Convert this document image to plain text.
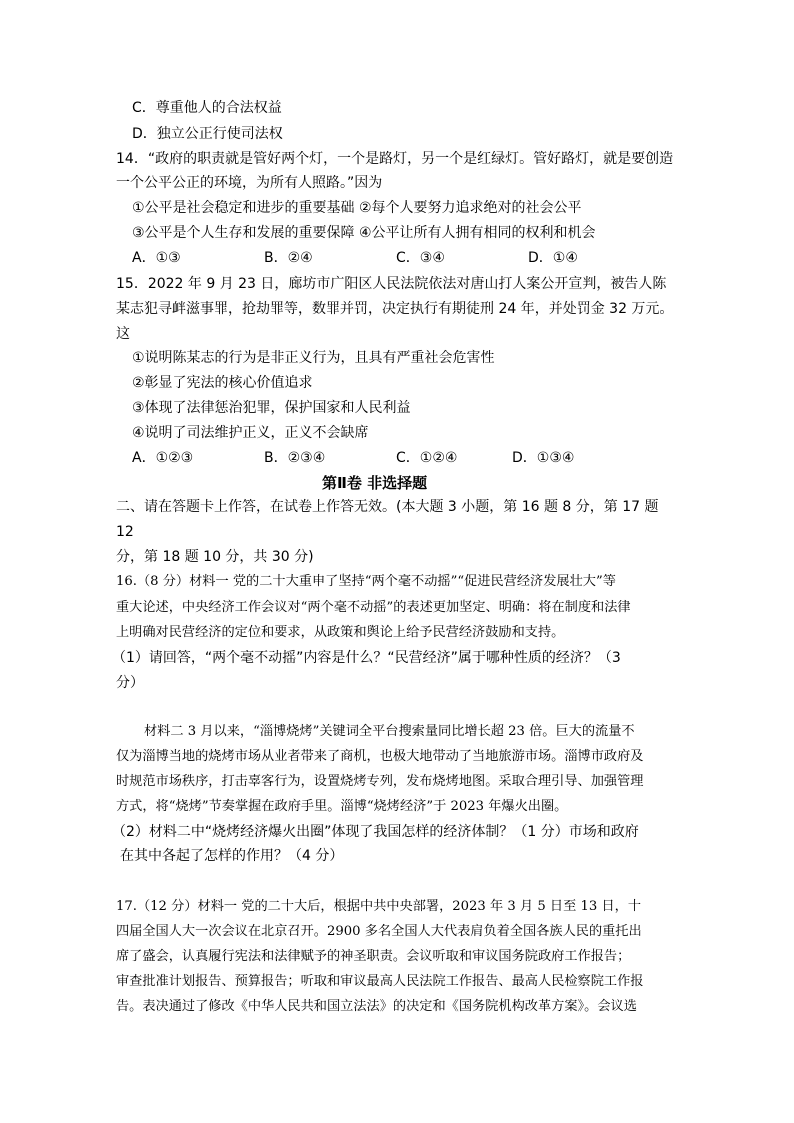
C．尊重他人的合法权益
D．独立公正行使司法权
14．“政府的职责就是管好两个灯，一个是路灯，另一个是红绿灯。管好路灯，就是要创造
一个公平公正的环境，为所有人照路。”因为
①公平是社会稳定和进步的重要基础 ②每个人要努力追求绝对的社会公平
③公平是个人生存和发展的重要保障 ④公平让所有人拥有相同的权利和机会
A．①③	B．②④	C．③④	D．①④
15．2022 年 9 月 23 日，廊坊市广阳区人民法院依法对唐山打人案公开宣判，被告人陈
某志犯寻衅滋事罪，抢劫罪等，数罪并罚，决定执行有期徒刑 24 年，并处罚金 32 万元。
这
①说明陈某志的行为是非正义行为，且具有严重社会危害性
②彰显了宪法的核心价值追求
③体现了法律惩治犯罪，保护国家和人民利益
④说明了司法维护正义，正义不会缺席
A．①②③	B．②③④	C．①②④	D．①③④
第Ⅱ卷 非选择题
二、请在答题卡上作答，在试卷上作答无效。(本大题 3 小题，第 16 题 8 分，第 17 题
12
分，第 18 题 10 分，共 30 分)
16.（8 分）材料一 党的二十大重申了坚持“两个毫不动摇”“促进民营经济发展壮大”等
重大论述，中央经济工作会议对“两个毫不动摇”的表述更加坚定、明确：将在制度和法律
上明确对民营经济的定位和要求，从政策和舆论上给予民营经济鼓励和支持。
（1）请回答，“两个毫不动摇”内容是什么？“民营经济”属于哪种性质的经济？（3
分）
材料二 3 月以来，“淄博烧烤”关键词全平台搜索量同比增长超 23 倍。巨大的流量不
仅为淄博当地的烧烤市场从业者带来了商机，也极大地带动了当地旅游市场。淄博市政府及
时规范市场秩序，打击辜客行为，设置烧烤专列，发布烧烤地图。采取合理引导、加强管理
方式，将“烧烤”节奏掌握在政府手里。淄博“烧烤经济”于 2023 年爆火出圈。
（2）材料二中“烧烤经济爆火出圈”体现了我国怎样的经济体制？（1 分）市场和政府
在其中各起了怎样的作用？（4 分）
17.（12 分）材料一 党的二十大后，根据中共中央部署，2023 年 3 月 5 日至 13 日，十
四届全国人大一次会议在北京召开。2900 多名全国人大代表肩负着全国各族人民的重托出
席了盛会，认真履行宪法和法律赋予的神圣职责。会议听取和审议国务院政府工作报告；
审查批准计划报告、预算报告；听取和审议最高人民法院工作报告、最高人民检察院工作报
告。表决通过了修改《中华人民共和国立法法》的决定和《国务院机构改革方案》。会议选
